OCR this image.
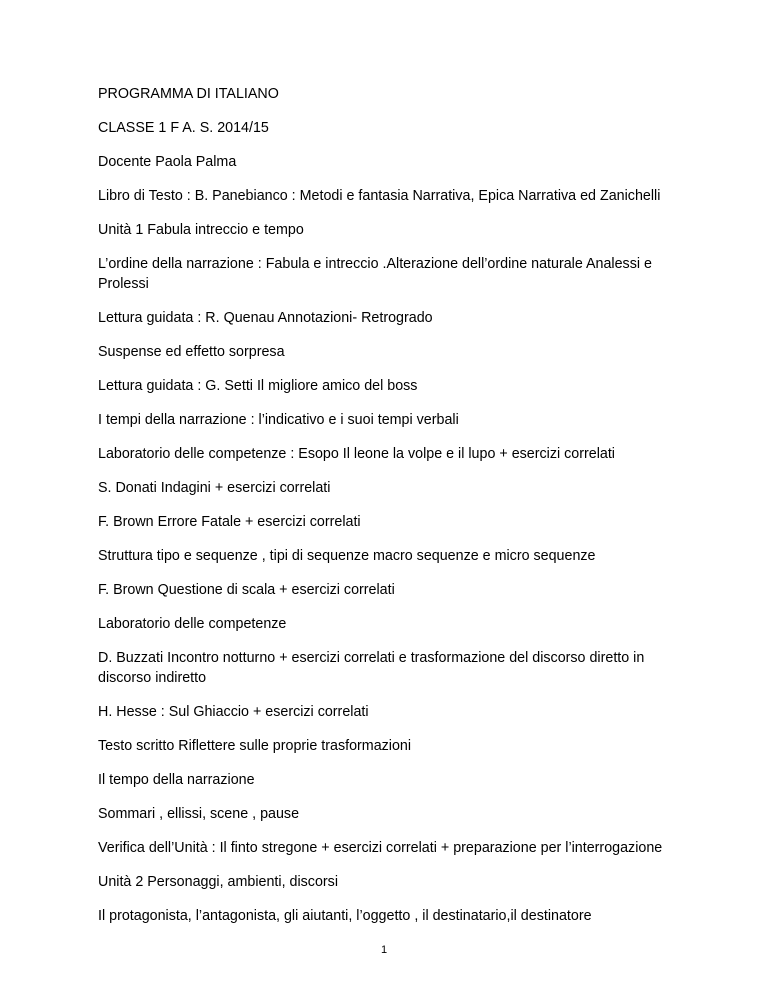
PROGRAMMA DI ITALIANO

CLASSE 1 F A. S. 2014/15

Docente Paola Palma

Libro di Testo : B. Panebianco : Metodi e fantasia Narrativa, Epica Narrativa ed Zanichelli

Unità 1 Fabula intreccio e tempo

L’ordine della narrazione : Fabula e intreccio .Alterazione dell’ordine naturale Analessi e Prolessi

Lettura guidata : R. Quenau Annotazioni- Retrogrado

Suspense ed effetto sorpresa

Lettura guidata : G. Setti Il migliore amico del boss

I tempi della narrazione : l’indicativo e i suoi tempi verbali

Laboratorio delle competenze : Esopo Il leone la volpe e il lupo + esercizi correlati

S. Donati Indagini + esercizi correlati

F. Brown Errore Fatale + esercizi correlati

Struttura tipo e sequenze , tipi di sequenze macro sequenze e micro sequenze

F. Brown Questione di scala + esercizi correlati

Laboratorio delle competenze

D. Buzzati Incontro notturno + esercizi correlati e trasformazione del discorso diretto in discorso indiretto

H. Hesse : Sul Ghiaccio + esercizi correlati

Testo scritto Riflettere sulle proprie trasformazioni

Il tempo della narrazione

Sommari , ellissi, scene , pause

Verifica dell’Unità : Il finto stregone + esercizi correlati + preparazione per l’interrogazione

Unità 2 Personaggi, ambienti, discorsi

Il protagonista, l’antagonista, gli aiutanti, l’oggetto , il destinatario,il destinatore

1
